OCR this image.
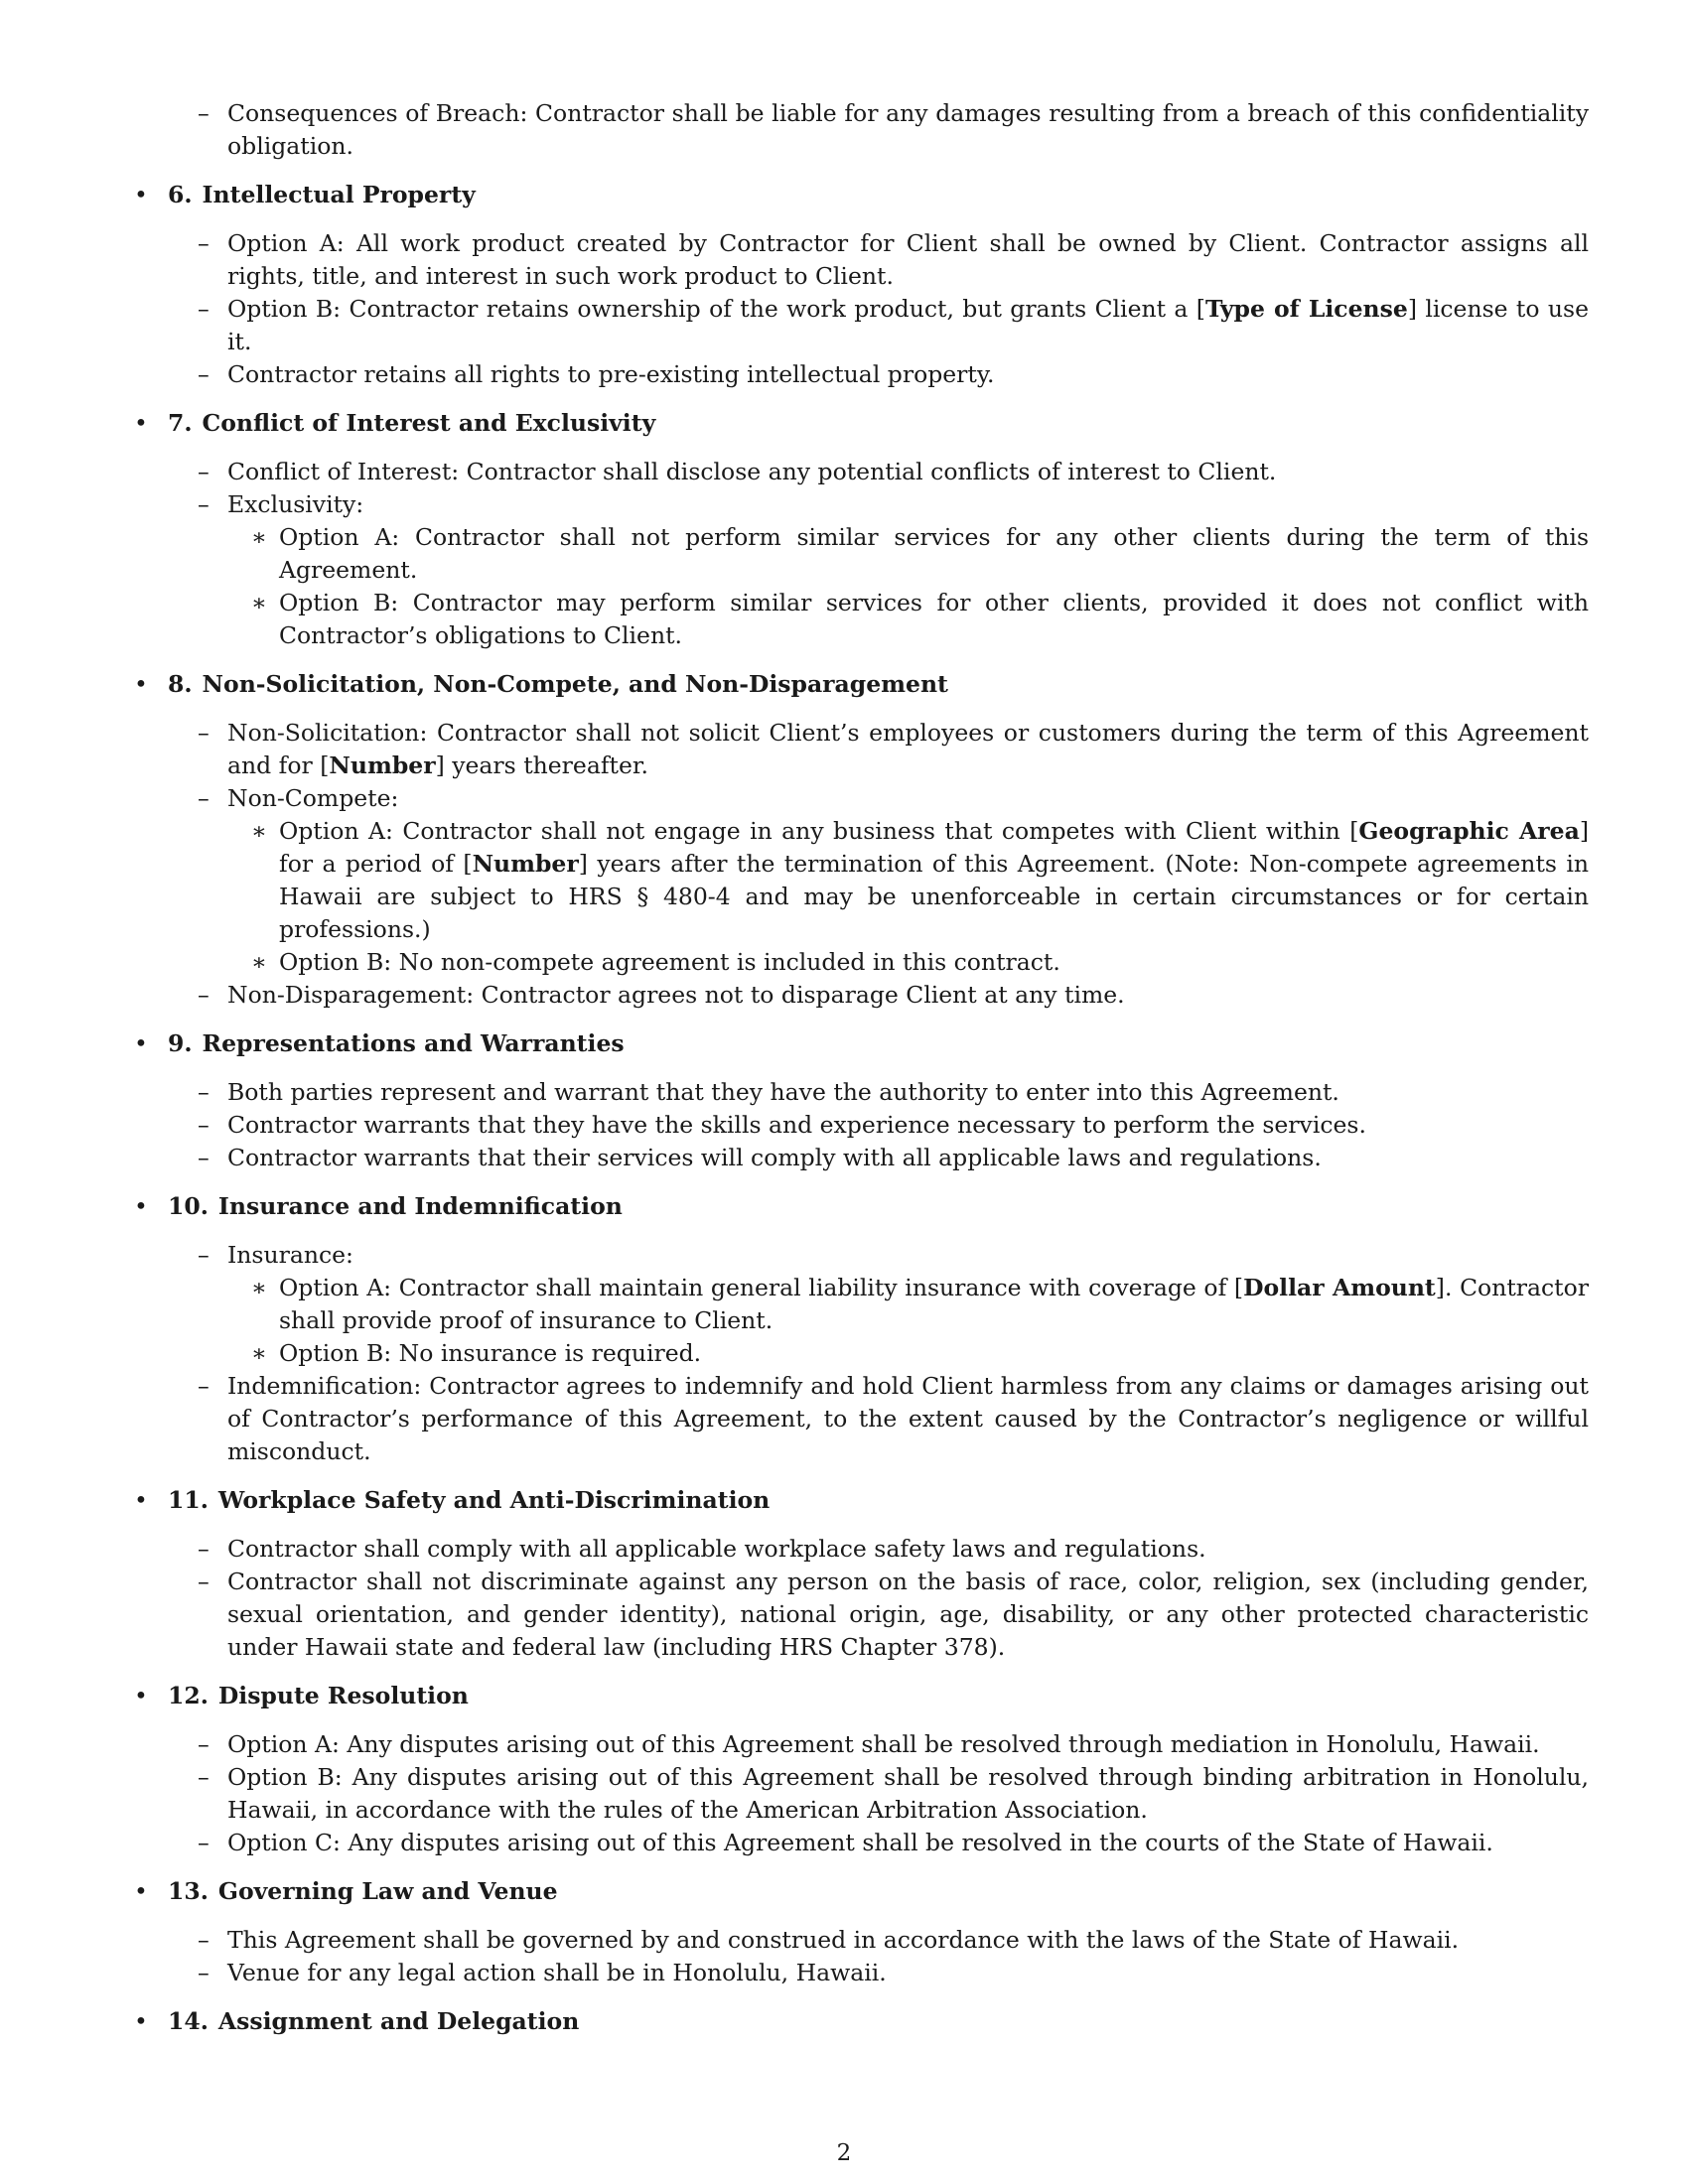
– Consequences of Breach: Contractor shall be liable for any damages resulting from a breach of this confidentiality obligation.
• 6. Intellectual Property
– Option A: All work product created by Contractor for Client shall be owned by Client. Contractor assigns all rights, title, and interest in such work product to Client.
– Option B: Contractor retains ownership of the work product, but grants Client a [Type of License] license to use it.
– Contractor retains all rights to pre-existing intellectual property.
• 7. Conflict of Interest and Exclusivity
– Conflict of Interest: Contractor shall disclose any potential conflicts of interest to Client.
– Exclusivity:
∗ Option A: Contractor shall not perform similar services for any other clients during the term of this Agreement.
∗ Option B: Contractor may perform similar services for other clients, provided it does not conflict with Contractor’s obligations to Client.
• 8. Non-Solicitation, Non-Compete, and Non-Disparagement
– Non-Solicitation: Contractor shall not solicit Client’s employees or customers during the term of this Agreement and for [Number] years thereafter.
– Non-Compete:
∗ Option A: Contractor shall not engage in any business that competes with Client within [Geographic Area] for a period of [Number] years after the termination of this Agreement. (Note: Non-compete agreements in Hawaii are subject to HRS § 480-4 and may be unenforceable in certain circumstances or for certain professions.)
∗ Option B: No non-compete agreement is included in this contract.
– Non-Disparagement: Contractor agrees not to disparage Client at any time.
• 9. Representations and Warranties
– Both parties represent and warrant that they have the authority to enter into this Agreement.
– Contractor warrants that they have the skills and experience necessary to perform the services.
– Contractor warrants that their services will comply with all applicable laws and regulations.
• 10. Insurance and Indemnification
– Insurance:
∗ Option A: Contractor shall maintain general liability insurance with coverage of [Dollar Amount]. Contractor shall provide proof of insurance to Client.
∗ Option B: No insurance is required.
– Indemnification: Contractor agrees to indemnify and hold Client harmless from any claims or damages arising out of Contractor’s performance of this Agreement, to the extent caused by the Contractor’s negligence or willful misconduct.
• 11. Workplace Safety and Anti-Discrimination
– Contractor shall comply with all applicable workplace safety laws and regulations.
– Contractor shall not discriminate against any person on the basis of race, color, religion, sex (including gender, sexual orientation, and gender identity), national origin, age, disability, or any other protected characteristic under Hawaii state and federal law (including HRS Chapter 378).
• 12. Dispute Resolution
– Option A: Any disputes arising out of this Agreement shall be resolved through mediation in Honolulu, Hawaii.
– Option B: Any disputes arising out of this Agreement shall be resolved through binding arbitration in Honolulu, Hawaii, in accordance with the rules of the American Arbitration Association.
– Option C: Any disputes arising out of this Agreement shall be resolved in the courts of the State of Hawaii.
• 13. Governing Law and Venue
– This Agreement shall be governed by and construed in accordance with the laws of the State of Hawaii.
– Venue for any legal action shall be in Honolulu, Hawaii.
• 14. Assignment and Delegation
2
